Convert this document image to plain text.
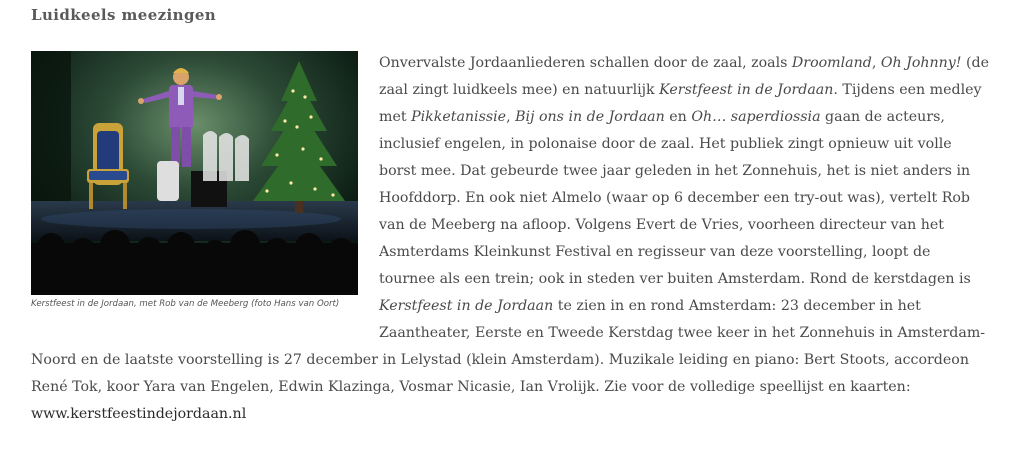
Luidkeels meezingen
Kerstfeest in de Jordaan, met Rob van de Meeberg (foto Hans van Oort)
Onvervalste Jordaanliederen schallen door de zaal, zoals Droomland, Oh Johnny! (de
zaal zingt luidkeels mee) en natuurlijk Kerstfeest in de Jordaan. Tijdens een medley
met Pikketanissie, Bij ons in de Jordaan en Oh… saperdiossia gaan de acteurs,
inclusief engelen, in polonaise door de zaal. Het publiek zingt opnieuw uit volle
borst mee. Dat gebeurde twee jaar geleden in het Zonnehuis, het is niet anders in
Hoofddorp. En ook niet Almelo (waar op 6 december een try-out was), vertelt Rob
van de Meeberg na afloop. Volgens Evert de Vries, voorheen directeur van het
Asmterdams Kleinkunst Festival en regisseur van deze voorstelling, loopt de
tournee als een trein; ook in steden ver buiten Amsterdam. Rond de kerstdagen is
Kerstfeest in de Jordaan te zien in en rond Amsterdam: 23 december in het
Zaantheater, Eerste en Tweede Kerstdag twee keer in het Zonnehuis in Amsterdam-
Noord en de laatste voorstelling is 27 december in Lelystad (klein Amsterdam). Muzikale leiding en piano: Bert Stoots, accordeon
René Tok, koor Yara van Engelen, Edwin Klazinga, Vosmar Nicasie, Ian Vrolijk. Zie voor de volledige speellijst en kaarten:
www.kerstfeestindejordaan.nl
